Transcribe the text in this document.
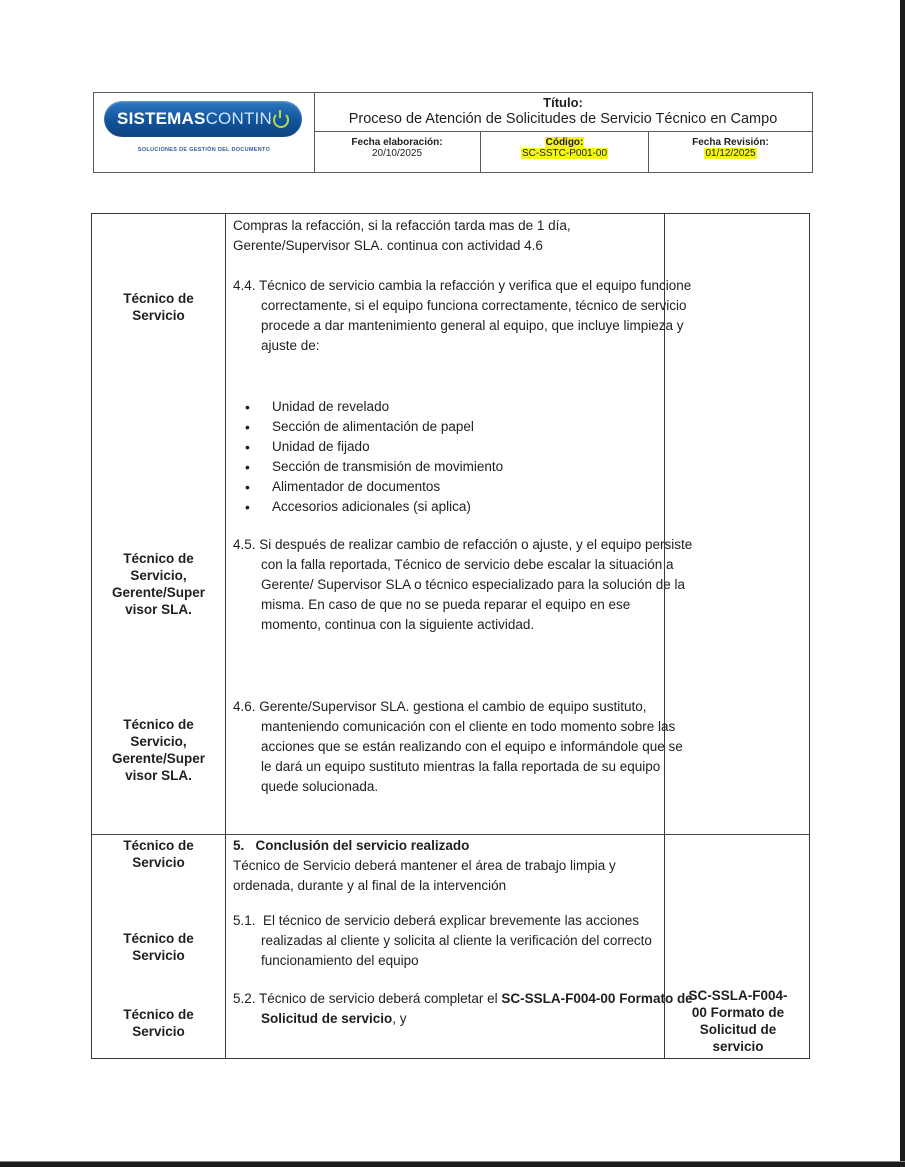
SISTEMAS CONTIN
SOLUCIONES DE GESTIÓN DEL DOCUMENTO
Título:
Proceso de Atención de Solicitudes de Servicio Técnico en Campo
Fecha elaboración:
20/10/2025
Código:
SC-SSTC-P001-00
Fecha Revisión:
01/12/2025
Técnico de
Servicio
Compras la refacción, si la refacción tarda mas de 1 día, Gerente/Supervisor SLA. continua con actividad 4.6
4.4. Técnico de servicio cambia la refacción y verifica que el equipo funcione correctamente, si el equipo funciona correctamente, técnico de servicio procede a dar mantenimiento general al equipo, que incluye limpieza y ajuste de:
• Unidad de revelado
• Sección de alimentación de papel
• Unidad de fijado
• Sección de transmisión de movimiento
• Alimentador de documentos
• Accesorios adicionales (si aplica)
Técnico de
Servicio,
Gerente/Super
visor SLA.
4.5. Si después de realizar cambio de refacción o ajuste, y el equipo persiste con la falla reportada, Técnico de servicio debe escalar la situación a Gerente/ Supervisor SLA o técnico especializado para la solución de la misma. En caso de que no se pueda reparar el equipo en ese momento, continua con la siguiente actividad.
Técnico de
Servicio,
Gerente/Super
visor SLA.
4.6. Gerente/Supervisor SLA. gestiona el cambio de equipo sustituto, manteniendo comunicación con el cliente en todo momento sobre las acciones que se están realizando con el equipo e informándole que se le dará un equipo sustituto mientras la falla reportada de su equipo quede solucionada.
Técnico de
Servicio
5.   Conclusión del servicio realizado
Técnico de Servicio deberá mantener el área de trabajo limpia y ordenada, durante y al final de la intervención
Técnico de
Servicio
5.1.  El técnico de servicio deberá explicar brevemente las acciones realizadas al cliente y solicita al cliente la verificación del correcto funcionamiento del equipo
Técnico de
Servicio
5.2. Técnico de servicio deberá completar el SC-SSLA-F004-00 Formato de Solicitud de servicio, y
SC-SSLA-F004-
00 Formato de
Solicitud de
servicio
